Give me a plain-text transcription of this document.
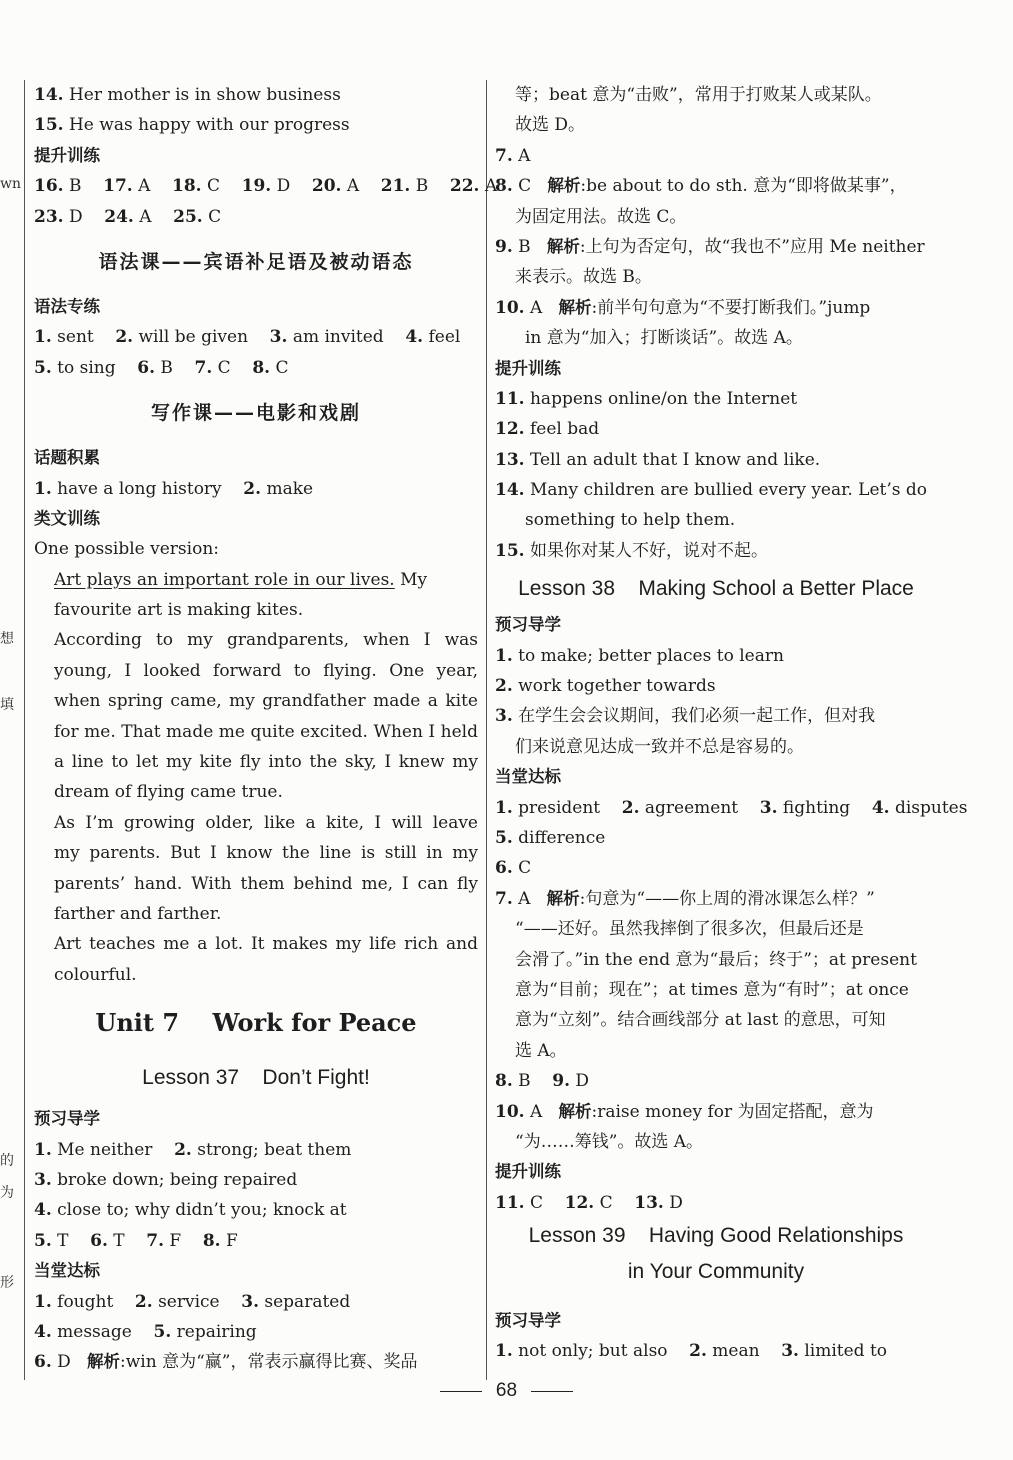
wn
想
填
的
为
形
14. Her mother is in show business
15. He was happy with our progress
提升训练
16. B 17. A 18. C 19. D 20. A 21. B 22. A
23. D 24. A 25. C
语法课——宾语补足语及被动语态
语法专练
1. sent 2. will be given 3. am invited 4. feel
5. to sing 6. B 7. C 8. C
写作课——电影和戏剧
话题积累
1. have a long history 2. make
类文训练
One possible version:
Art plays an important role in our lives. My
favourite art is making kites.
According to my grandparents, when I was
young, I looked forward to flying. One year,
when spring came, my grandfather made a kite
for me. That made me quite excited. When I held
a line to let my kite fly into the sky, I knew my
dream of flying came true.
As I’m growing older, like a kite, I will leave
my parents. But I know the line is still in my
parents’ hand. With them behind me, I can fly
farther and farther.
Art teaches me a lot. It makes my life rich and
colourful.
Unit 7    Work for Peace
Lesson 37    Don’t Fight!
预习导学
1. Me neither 2. strong; beat them
3. broke down; being repaired
4. close to; why didn’t you; knock at
5. T 6. T 7. F 8. F
当堂达标
1. fought 2. service 3. separated
4. message 5. repairing
6. D 解析:win 意为“赢”，常表示赢得比赛、奖品
等；beat 意为“击败”，常用于打败某人或某队。
故选 D。
7. A
8. C 解析:be about to do sth. 意为“即将做某事”，
为固定用法。故选 C。
9. B 解析:上句为否定句，故“我也不”应用 Me neither
来表示。故选 B。
10. A 解析:前半句句意为“不要打断我们。”jump
in 意为“加入；打断谈话”。故选 A。
提升训练
11. happens online/on the Internet
12. feel bad
13. Tell an adult that I know and like.
14. Many children are bullied every year. Let’s do
something to help them.
15. 如果你对某人不好，说对不起。
Lesson 38    Making School a Better Place
预习导学
1. to make; better places to learn
2. work together towards
3. 在学生会会议期间，我们必须一起工作，但对我
们来说意见达成一致并不总是容易的。
当堂达标
1. president 2. agreement 3. fighting 4. disputes
5. difference
6. C
7. A 解析:句意为“——你上周的滑冰课怎么样？”
“——还好。虽然我摔倒了很多次，但最后还是
会滑了。”in the end 意为“最后；终于”；at present
意为“目前；现在”；at times 意为“有时”；at once
意为“立刻”。结合画线部分 at last 的意思，可知
选 A。
8. B 9. D
10. A 解析:raise money for 为固定搭配，意为
“为……筹钱”。故选 A。
提升训练
11. C 12. C 13. D
Lesson 39    Having Good Relationships
in Your Community
预习导学
1. not only; but also 2. mean 3. limited to
68
